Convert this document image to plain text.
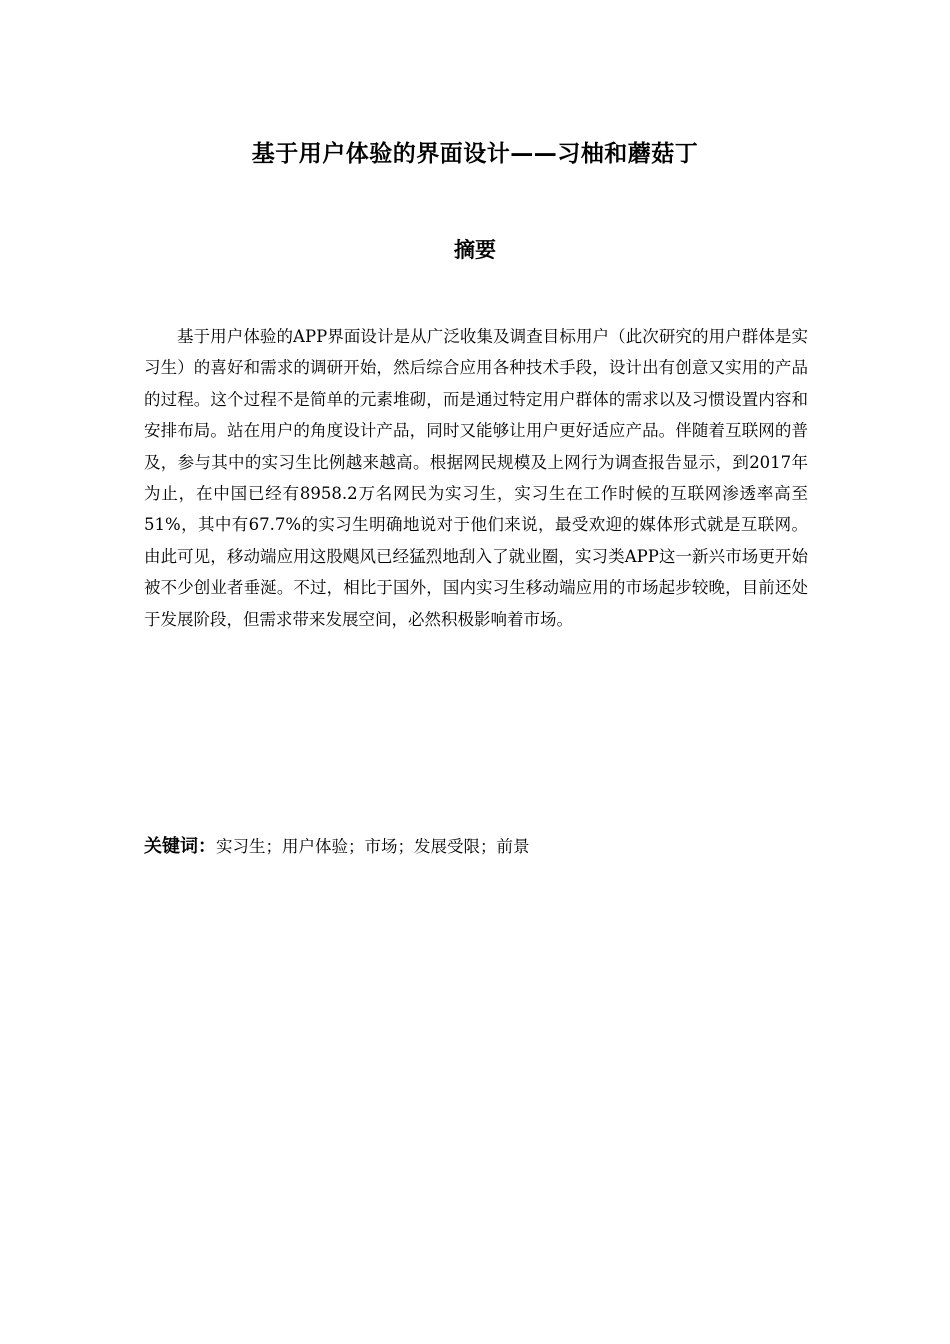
基于用户体验的界面设计——习柚和蘑菇丁
摘要

基于用户体验的APP界面设计是从广泛收集及调查目标用户（此次研究的用户群体是实习生）的喜好和需求的调研开始，然后综合应用各种技术手段，设计出有创意又实用的产品的过程。这个过程不是简单的元素堆砌，而是通过特定用户群体的需求以及习惯设置内容和安排布局。站在用户的角度设计产品，同时又能够让用户更好适应产品。伴随着互联网的普及，参与其中的实习生比例越来越高。根据网民规模及上网行为调查报告显示，到2017年为止，在中国已经有8958.2万名网民为实习生，实习生在工作时候的互联网渗透率高至51%，其中有67.7%的实习生明确地说对于他们来说，最受欢迎的媒体形式就是互联网。由此可见，移动端应用这股飓风已经猛烈地刮入了就业圈，实习类APP这一新兴市场更开始被不少创业者垂涎。不过，相比于国外，国内实习生移动端应用的市场起步较晚，目前还处于发展阶段，但需求带来发展空间，必然积极影响着市场。

关键词：实习生；用户体验；市场；发展受限；前景
